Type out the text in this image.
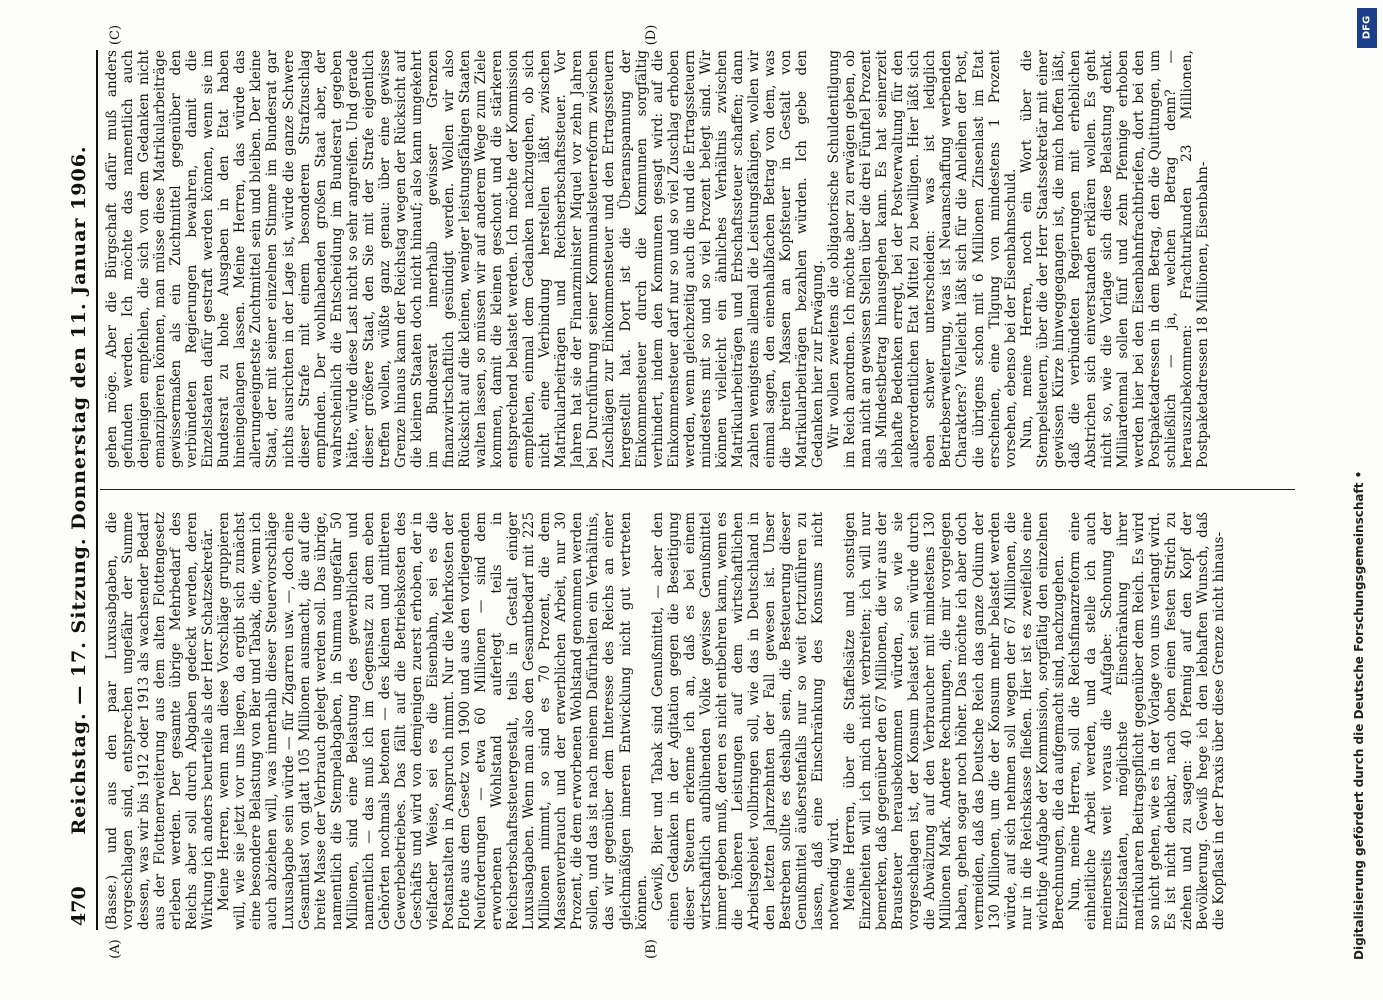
470
Reichstag. — 17. Sitzung. Donnerstag den 11. Januar 1906. (Basse.) und aus den paar Luxusabgaben, die vorgeschlagen sind, entsprechen ungefähr der Summe dessen, was wir bis 1912 oder 1913 als wachsender Bedarf aus der Flottenerweiterung aus dem alten Flottengesetz erleben werden. Der gesamte übrige Mehrbedarf des Reichs aber soll durch Abgaben gedeckt werden, deren Wirkung ich anders beurteile als der Herr Schatzsekretär. Meine Herren, wenn man diese Vorschläge gruppieren will, wie sie jetzt vor uns liegen, da ergibt sich zunächst eine besondere Belastung von Bier und Tabak, die, wenn ich auch abziehen will, was innerhalb dieser Steuervorschläge Luxusabgabe sein würde — für Zigarren usw. —, doch eine Gesamtlast von glatt 105 Millionen ausmacht, die auf die breite Masse der Verbrauch gelegt werden soll. Das übrige, namentlich die Stempelabgaben, in Summa ungefähr 50 Millionen, sind eine Belastung des gewerblichen und namentlich — das muß ich im Gegensatz zu dem eben Gehörten nochmals betonen — des kleinen und mittleren Gewerbebetriebes. Das fällt auf die Betriebskosten des Geschäfts und wird von demjenigen zuerst erhoben, der in vielfacher Weise, sei es die Eisenbahn, sei es die Postanstalten in Anspruch nimmt. Nur die Mehrkosten der Flotte aus dem Gesetz von 1900 und aus den vorliegenden Neuforderungen — etwa 60 Millionen — sind dem erworbenen Wohlstand auferlegt teils in Reichserbschaftssteuergestalt, teils in Gestalt einiger Luxusabgaben. Wenn man also den Gesamtbedarf mit 225 Millionen nimmt, so sind es 70 Prozent, die dem Massenverbrauch und der erwerblichen Arbeit, nur 30 Prozent, die dem erworbenen Wohlstand genommen werden sollen, und das ist nach meinem Dafürhalten ein Verhältnis, das wir gegenüber dem Interesse des Reichs an einer gleichmäßigen inneren Entwicklung nicht gut vertreten können. Gewiß, Bier und Tabak sind Genußmittel, — aber den einen Gedanken in der Agitation gegen die Beseitigung dieser Steuern erkenne ich an, daß es bei einem wirtschaftlich aufblühenden Volke gewisse Genußmittel immer geben muß, deren es nicht entbehren kann, wenn es die höheren Leistungen auf dem wirtschaftlichen Arbeitsgebiet vollbringen soll, wie das in Deutschland in den letzten Jahrzehnten der Fall gewesen ist. Unser Bestreben sollte es deshalb sein, die Besteuerung dieser Genußmittel äußerstenfalls nur so weit fortzuführen zu lassen, daß eine Einschränkung des Konsums nicht notwendig wird. Meine Herren, über die Staffelsätze und sonstigen Einzelheiten will ich mich nicht verbreiten; ich will nur bemerken, daß gegenüber den 67 Millionen, die wir aus der Brausteuer herausbekommen würden, so wie sie vorgeschlagen ist, der Konsum belastet sein würde durch die Abwälzung auf den Verbraucher mit mindestens 130 Millionen Mark. Andere Rechnungen, die mir vorgelegen haben, gehen sogar noch höher. Das möchte ich aber doch vermeiden, daß das Deutsche Reich das ganze Odium der 130 Millionen, um die der Konsum mehr belastet werden würde, auf sich nehmen soll wegen der 67 Millionen, die nur in die Reichskasse fließen. Hier ist es zweifellos eine wichtige Aufgabe der Kommission, sorgfältig den einzelnen Berechnungen, die da aufgemacht sind, nachzugehen. Nun, meine Herren, soll die Reichsfinanzreform eine einheitliche Arbeit werden, und da stelle ich auch meinerseits weit voraus die Aufgabe: Schonung der Einzelstaaten, möglichste Einschränkung ihrer matrikularen Beitragspflicht gegenüber dem Reich. Es wird so nicht gehen, wie es in der Vorlage von uns verlangt wird. Es ist nicht denkbar, nach oben einen festen Strich zu ziehen und zu sagen: 40 Pfennig auf den Kopf der Bevölkerung. Gewiß hege ich den lebhaften Wunsch, daß die Kopflast in der Praxis über diese Grenze nicht hinaus-

gehen möge. Aber die Bürgschaft dafür muß anders gefunden werden. Ich möchte das namentlich auch denjenigen empfehlen, die sich von dem Gedanken nicht emanzipieren können, man müsse diese Matrikularbeiträge gewissermaßen als ein Zuchtmittel gegenüber den verbündeten Regierungen bewahren, damit die Einzelstaaten dafür gestraft werden können, wenn sie im Bundesrat zu hohe Ausgaben in den Etat haben hineingelangen lassen. Meine Herren, das würde das allerungeeignetste Zuchtmittel sein und bleiben. Der kleine Staat, der mit seiner einzelnen Stimme im Bundesrat gar nichts ausrichten in der Lage ist, würde die ganze Schwere dieser Strafe mit einem besonderen Strafzuschlag empfinden. Der wohlhabenden großen Staat aber, der wahrscheinlich die Entscheidung im Bundesrat gegeben hätte, würde diese Last nicht so sehr angreifen. Und gerade dieser größere Staat, den Sie mit der Strafe eigentlich treffen wollen, wüßte ganz genau: über eine gewisse Grenze hinaus kann der Reichstag wegen der Rücksicht auf die kleinen Staaten doch nicht hinauf; also kann umgekehrt im Bundesrat innerhalb gewisser Grenzen finanzwirtschaftlich gesündigt werden. Wollen wir also Rücksicht auf die kleinen, weniger leistungsfähigen Staaten walten lassen, so müssen wir auf anderem Wege zum Ziele kommen, damit die kleinen geschont und die stärkeren entsprechend belastet werden. Ich möchte der Kommission empfehlen, einmal dem Gedanken nachzugehen, ob sich nicht eine Verbindung herstellen läßt zwischen Matrikularbeiträgen und Reichserbschaftssteuer. Vor Jahren hat sie der Finanzminister Miquel vor zehn Jahren bei Durchführung seiner Kommunalsteuerreform zwischen Zuschlägen zur Einkommensteuer und den Ertragssteuern hergestellt hat. Dort ist die Überanspannung der Einkommensteuer durch die Kommunen sorgfältig verhindert, indem den Kommunen gesagt wird: auf die Einkommensteuer darf nur so und so viel Zuschlag erhoben werden, wenn gleichzeitig auch die und die Ertragssteuern mindestens mit so und so viel Prozent belegt sind. Wir können vielleicht ein ähnliches Verhältnis zwischen Matrikularbeiträgen und Erbschaftssteuer schaffen; dann zahlen wenigstens allemal die Leistungsfähigen, wollen wir einmal sagen, den einenhalbfachen Betrag von dem, was die breiten Massen an Kopfsteuer in Gestalt von Matrikularbeiträgen bezahlen würden. Ich gebe den Gedanken hier zur Erwägung. Wir wollen zweitens die obligatorische Schuldentilgung im Reich anordnen. Ich möchte aber zu erwägen geben, ob man nicht an gewissen Stellen über die drei Fünftel Prozent als Mindestbetrag hinausgehen kann. Es hat seinerzeit lebhafte Bedenken erregt, bei der Postverwaltung für den außerordentlichen Etat Mittel zu bewilligen. Hier läßt sich eben schwer unterscheiden: was ist lediglich Betriebserweiterung, was ist Neuanschaffung werbenden Charakters? Vielleicht läßt sich für die Anleihen der Post, die übrigens schon mit 6 Millionen Zinsenlast im Etat erscheinen, eine Tilgung von mindestens 1 Prozent vorsehen, ebenso bei der Eisenbahnschuld. Nun, meine Herren, noch ein Wort über die Stempelsteuern, über die der Herr Staatssekretär mit einer gewissen Kürze hinweggegangen ist, die mich hoffen läßt, daß die verbündeten Regierungen mit erheblichen Abstrichen sich einverstanden erklären wollen. Es geht nicht so, wie die Vorlage sich diese Belastung denkt. Milliardenmal sollen fünf und zehn Pfennige erhoben werden hier bei den Eisenbahnfrachtbriefen, dort bei den Postpaketadressen in dem Betrag, den die Quittungen, um schließlich — ja, welchen Betrag denn? — herauszubekommen: Frachturkunden 23 Millionen, Postpaketadressen 18 Millionen, Eisenbahn-

(A)	(B)
(C)	(D)
Digitalisierung gefördert durch die Deutsche Forschungsgemeinschaft •
DFG
